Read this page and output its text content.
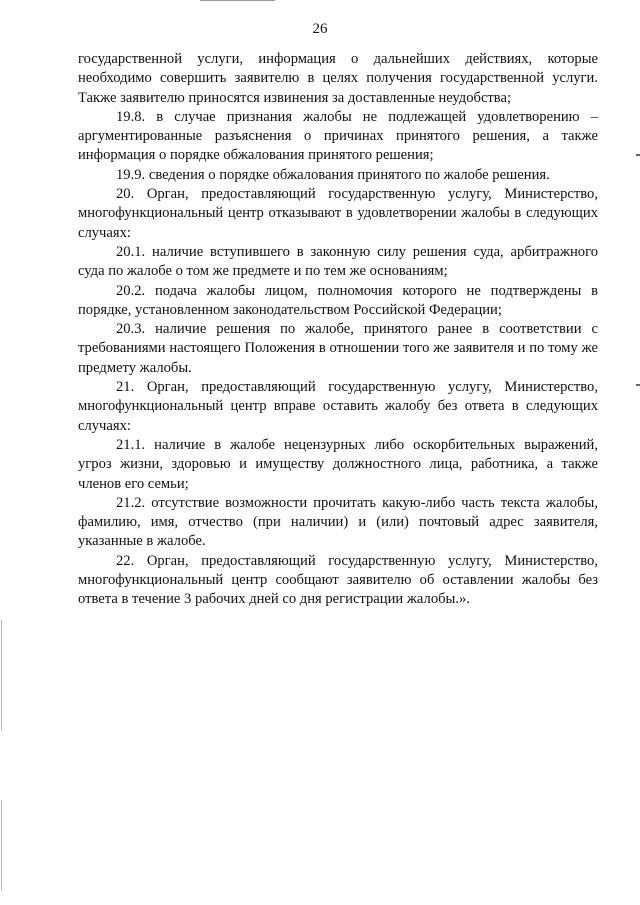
26

государственной услуги, информация о дальнейших действиях, которые необходимо совершить заявителю в целях получения государственной услуги. Также заявителю приносятся извинения за доставленные неудобства;

19.8. в случае признания жалобы не подлежащей удовлетворению – аргументированные разъяснения о причинах принятого решения, а также информация о порядке обжалования принятого решения;

19.9. сведения о порядке обжалования принятого по жалобе решения.

20. Орган, предоставляющий государственную услугу, Министерство, многофункциональный центр отказывают в удовлетворении жалобы в следующих случаях:

20.1. наличие вступившего в законную силу решения суда, арбитражного суда по жалобе о том же предмете и по тем же основаниям;

20.2. подача жалобы лицом, полномочия которого не подтверждены в порядке, установленном законодательством Российской Федерации;

20.3. наличие решения по жалобе, принятого ранее в соответствии с требованиями настоящего Положения в отношении того же заявителя и по тому же предмету жалобы.

21. Орган, предоставляющий государственную услугу, Министерство, многофункциональный центр вправе оставить жалобу без ответа в следующих случаях:

21.1. наличие в жалобе нецензурных либо оскорбительных выражений, угроз жизни, здоровью и имуществу должностного лица, работника, а также членов его семьи;

21.2. отсутствие возможности прочитать какую-либо часть текста жалобы, фамилию, имя, отчество (при наличии) и (или) почтовый адрес заявителя, указанные в жалобе.

22. Орган, предоставляющий государственную услугу, Министерство, многофункциональный центр сообщают заявителю об оставлении жалобы без ответа в течение 3 рабочих дней со дня регистрации жалобы.».
